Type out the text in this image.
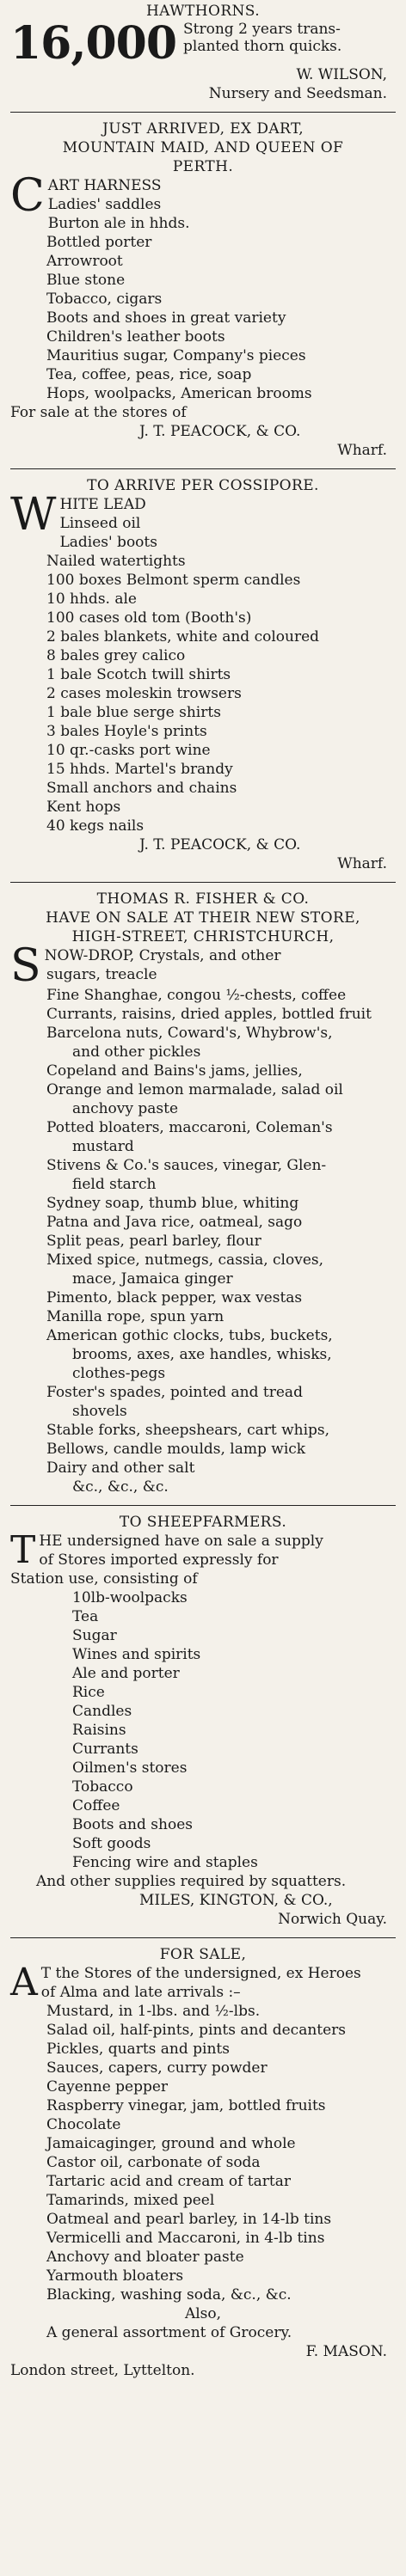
HAWTHORNS.
16,000 Strong 2 years trans-
planted thorn quicks.
W. WILSON,
Nursery and Seedsman.
JUST ARRIVED, EX DART,
MOUNTAIN MAID, AND QUEEN OF
PERTH.
C ART HARNESS
Ladies' saddles
Burton ale in hhds.
Bottled porter
Arrowroot
Blue stone
Tobacco, cigars
Boots and shoes in great variety
Children's leather boots
Mauritius sugar, Company's pieces
Tea, coffee, peas, rice, soap
Hops, woolpacks, American brooms
For sale at the stores of
J. T. PEACOCK, & CO.
Wharf.
TO ARRIVE PER COSSIPORE.
W HITE LEAD
Linseed oil
Ladies' boots
Nailed watertights
100 boxes Belmont sperm candles
10 hhds. ale
100 cases old tom (Booth's)
2 bales blankets, white and coloured
8 bales grey calico
1 bale Scotch twill shirts
2 cases moleskin trowsers
1 bale blue serge shirts
3 bales Hoyle's prints
10 qr.-casks port wine
15 hhds. Martel's brandy
Small anchors and chains
Kent hops
40 kegs nails
J. T. PEACOCK, & CO.
Wharf.
THOMAS R. FISHER & CO.
HAVE ON SALE AT THEIR NEW STORE,
HIGH-STREET, CHRISTCHURCH,
S NOW-DROP, Crystals, and other
sugars, treacle
Fine Shanghae, congou ½-chests, coffee
Currants, raisins, dried apples, bottled fruit
Barcelona nuts, Coward's, Whybrow's,
and other pickles
Copeland and Bains's jams, jellies,
Orange and lemon marmalade, salad oil
anchovy paste
Potted bloaters, maccaroni, Coleman's
mustard
Stivens & Co.'s sauces, vinegar, Glen-
field starch
Sydney soap, thumb blue, whiting
Patna and Java rice, oatmeal, sago
Split peas, pearl barley, flour
Mixed spice, nutmegs, cassia, cloves,
mace, Jamaica ginger
Pimento, black pepper, wax vestas
Manilla rope, spun yarn
American gothic clocks, tubs, buckets,
brooms, axes, axe handles, whisks,
clothes-pegs
Foster's spades, pointed and tread
shovels
Stable forks, sheepshears, cart whips,
Bellows, candle moulds, lamp wick
Dairy and other salt
&c., &c., &c.
TO SHEEPFARMERS.
T HE undersigned have on sale a supply
of Stores imported expressly for
Station use, consisting of
10lb-woolpacks
Tea
Sugar
Wines and spirits
Ale and porter
Rice
Candles
Raisins
Currants
Oilmen's stores
Tobacco
Coffee
Boots and shoes
Soft goods
Fencing wire and staples
And other supplies required by squatters.
MILES, KINGTON, & CO.,
Norwich Quay.
FOR SALE,
A T the Stores of the undersigned, ex Heroes
of Alma and late arrivals :–
Mustard, in 1-lbs. and ½-lbs.
Salad oil, half-pints, pints and decanters
Pickles, quarts and pints
Sauces, capers, curry powder
Cayenne pepper
Raspberry vinegar, jam, bottled fruits
Chocolate
Jamaicaginger, ground and whole
Castor oil, carbonate of soda
Tartaric acid and cream of tartar
Tamarinds, mixed peel
Oatmeal and pearl barley, in 14-lb tins
Vermicelli and Maccaroni, in 4-lb tins
Anchovy and bloater paste
Yarmouth bloaters
Blacking, washing soda, &c., &c.
Also,
A general assortment of Grocery.
F. MASON.
London street, Lyttelton.
